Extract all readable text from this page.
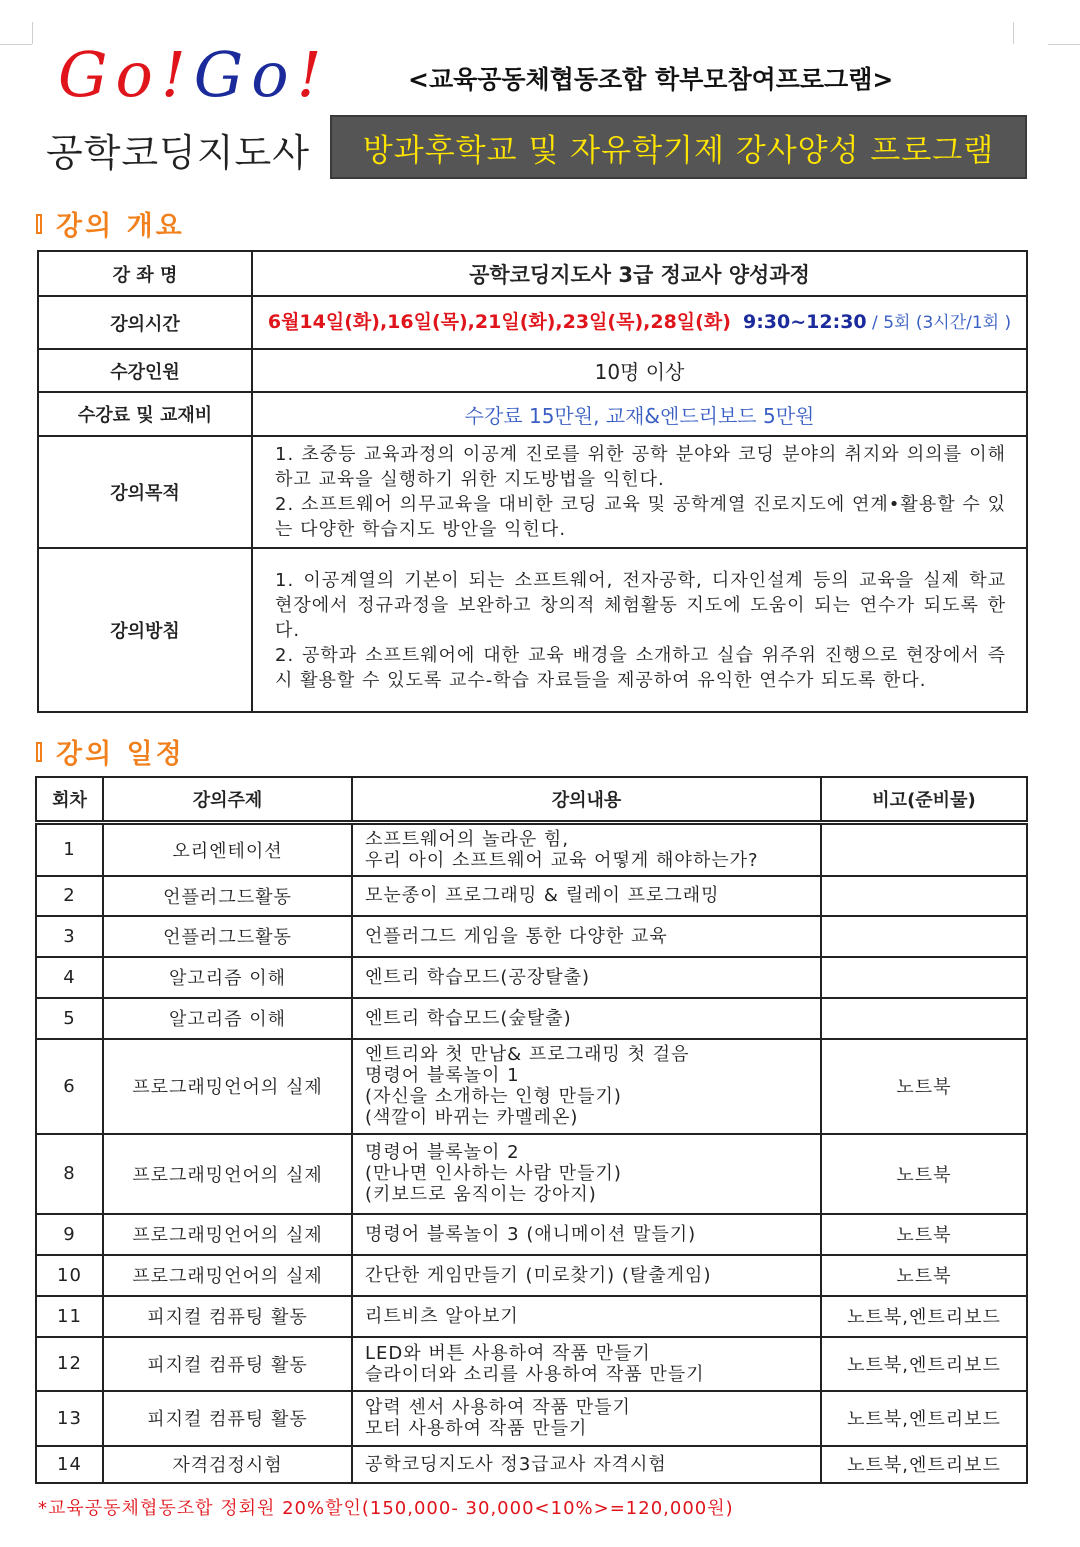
Go!Go!
공학코딩지도사
<교육공동체협동조합 학부모참여프로그램>
방과후학교 및 자유학기제 강사양성 프로그램
강의 개요
강 좌 명	공학코딩지도사 3급 정교사 양성과정
강의시간	6월14일(화),16일(목),21일(화),23일(목),28일(화) 9:30~12:30 / 5회 (3시간/1회 )
수강인원	10명 이상
수강료 및 교재비	수강료 15만원, 교재&엔드리보드 5만원
강의목적	1. 초중등 교육과정의 이공계 진로를 위한 공학 분야와 코딩 분야의 취지와 의의를 이해하고 교육을 실행하기 위한 지도방법을 익힌다.
2. 소프트웨어 의무교육을 대비한 코딩 교육 및 공학계열 진로지도에 연계•활용할 수 있는 다양한 학습지도 방안을 익힌다.

강의방침	1. 이공계열의 기본이 되는 소프트웨어, 전자공학, 디자인설계 등의 교육을 실제 학교 현장에서 정규과정을 보완하고 창의적 체험활동 지도에 도움이 되는 연수가 되도록 한다.
2. 공학과 소프트웨어에 대한 교육 배경을 소개하고 실습 위주위 진행으로 현장에서 즉시 활용할 수 있도록 교수-학습 자료들을 제공하여 유익한 연수가 되도록 한다.
강의 일정
회차	강의주제	강의내용	비고(준비물)
1	오리엔테이션	소프트웨어의 놀라운 힘,
우리 아이 소프트웨어 교육 어떻게 해야하는가?	

2	언플러그드활동	모눈종이 프로그래밍 & 릴레이 프로그래밍	

3	언플러그드활동	언플러그드 게임을 통한 다양한 교육	

4	알고리즘 이해	엔트리 학습모드(공장탈출)	

5	알고리즘 이해	엔트리 학습모드(숲탈출)	

6	프로그래밍언어의 실제	엔트리와 첫 만남& 프로그래밍 첫 걸음
명령어 블록놀이 1
(자신을 소개하는 인형 만들기)
(색깔이 바뀌는 카멜레온)	노트북
8	프로그래밍언어의 실제	명령어 블록놀이 2
(만나면 인사하는 사람 만들기)
(키보드로 움직이는 강아지)	노트북
9	프로그래밍언어의 실제	명령어 블록놀이 3 (애니메이션 말들기)	노트북
10	프로그래밍언어의 실제	간단한 게임만들기 (미로찾기) (탈출게임)	노트북
11	피지컬 컴퓨팅 활동	리트비츠 알아보기	노트북,엔트리보드
12	피지컬 컴퓨팅 활동	LED와 버튼 사용하여 작품 만들기
슬라이더와 소리를 사용하여 작품 만들기	노트북,엔트리보드
13	피지컬 컴퓨팅 활동	압력 센서 사용하여 작품 만들기
모터 사용하여 작품 만들기	노트북,엔트리보드
14	자격검정시험	공학코딩지도사 정3급교사 자격시험	노트북,엔트리보드
*교육공동체협동조합 정회원 20%할인(150,000- 30,000<10%>=120,000원)
